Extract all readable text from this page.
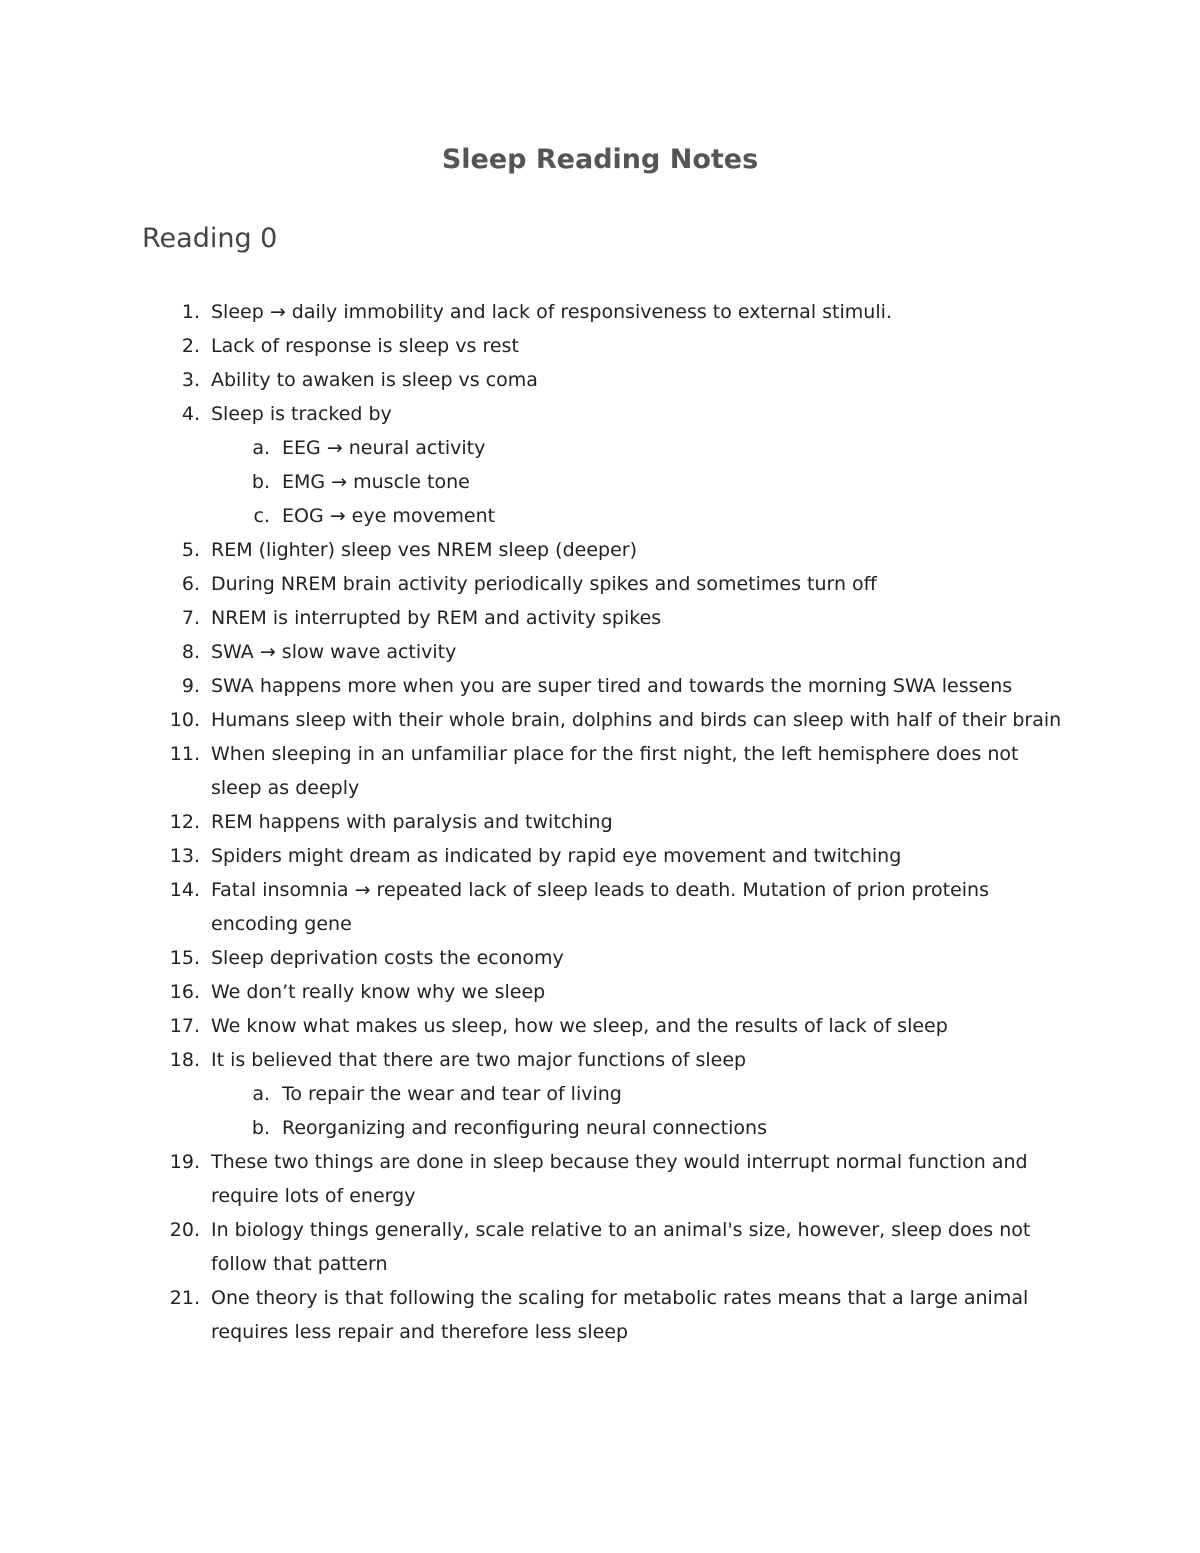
Sleep Reading Notes
Reading 0
1. Sleep → daily immobility and lack of responsiveness to external stimuli.
2. Lack of response is sleep vs rest
3. Ability to awaken is sleep vs coma
4. Sleep is tracked by
a. EEG → neural activity
b. EMG → muscle tone
c. EOG → eye movement
5. REM (lighter) sleep ves NREM sleep (deeper)
6. During NREM brain activity periodically spikes and sometimes turn off
7. NREM is interrupted by REM and activity spikes
8. SWA → slow wave activity
9. SWA happens more when you are super tired and towards the morning SWA lessens
10. Humans sleep with their whole brain, dolphins and birds can sleep with half of their brain
11. When sleeping in an unfamiliar place for the first night, the left hemisphere does not sleep as deeply
12. REM happens with paralysis and twitching
13. Spiders might dream as indicated by rapid eye movement and twitching
14. Fatal insomnia → repeated lack of sleep leads to death. Mutation of prion proteins encoding gene
15. Sleep deprivation costs the economy
16. We don’t really know why we sleep
17. We know what makes us sleep, how we sleep, and the results of lack of sleep
18. It is believed that there are two major functions of sleep
a. To repair the wear and tear of living
b. Reorganizing and reconfiguring neural connections
19. These two things are done in sleep because they would interrupt normal function and require lots of energy
20. In biology things generally, scale relative to an animal's size, however, sleep does not follow that pattern
21. One theory is that following the scaling for metabolic rates means that a large animal requires less repair and therefore less sleep
